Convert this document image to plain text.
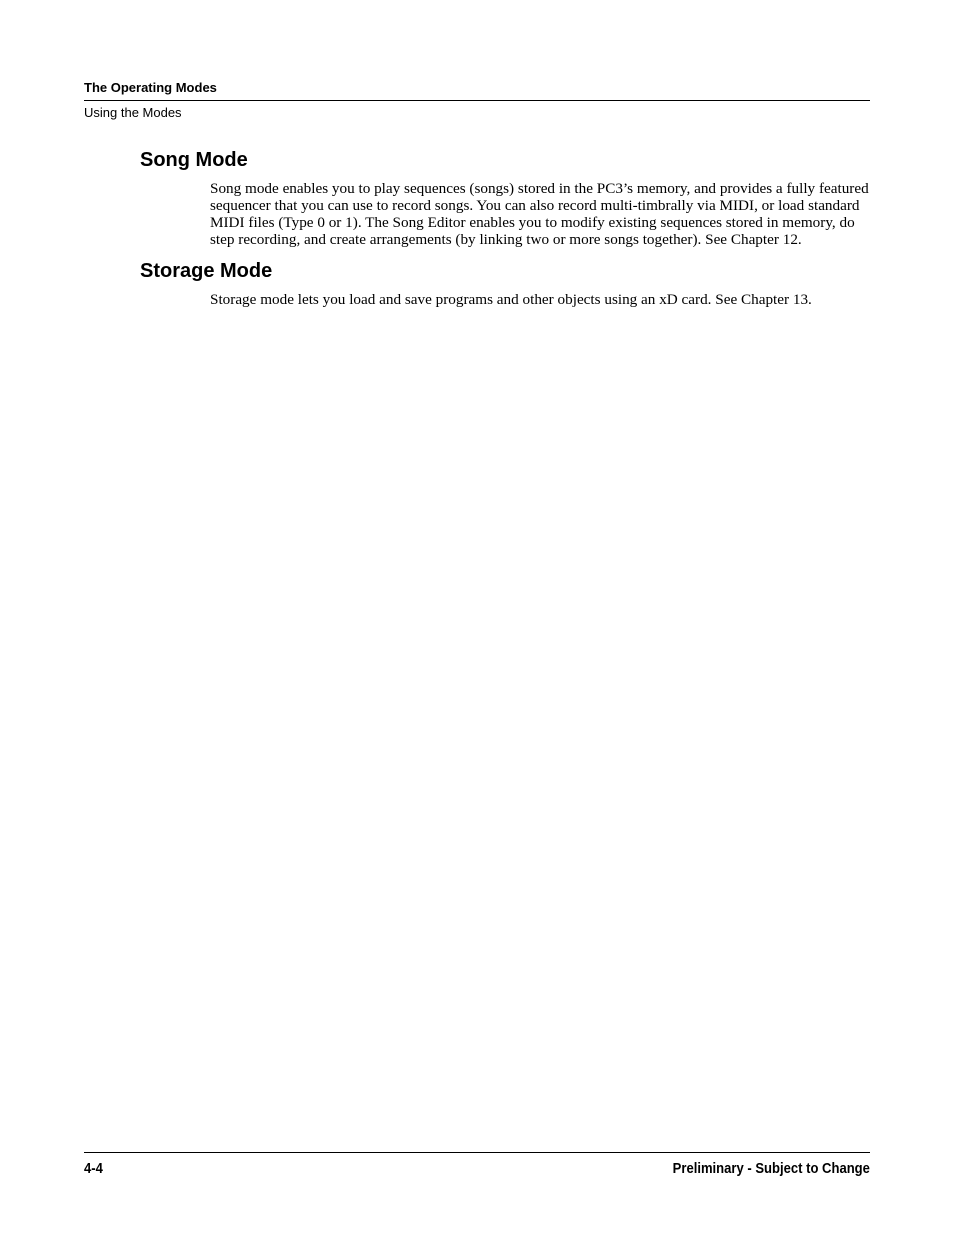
The Operating Modes
Using the Modes
Song Mode

Song mode enables you to play sequences (songs) stored in the PC3’s memory, and provides a fully featured sequencer that you can use to record songs. You can also record multi-timbrally via MIDI, or load standard MIDI files (Type 0 or 1). The Song Editor enables you to modify existing sequences stored in memory, do step recording, and create arrangements (by linking two or more songs together). See Chapter 12.

Storage Mode

Storage mode lets you load and save programs and other objects using an xD card. See Chapter 13.

4-4	Preliminary - Subject to Change
